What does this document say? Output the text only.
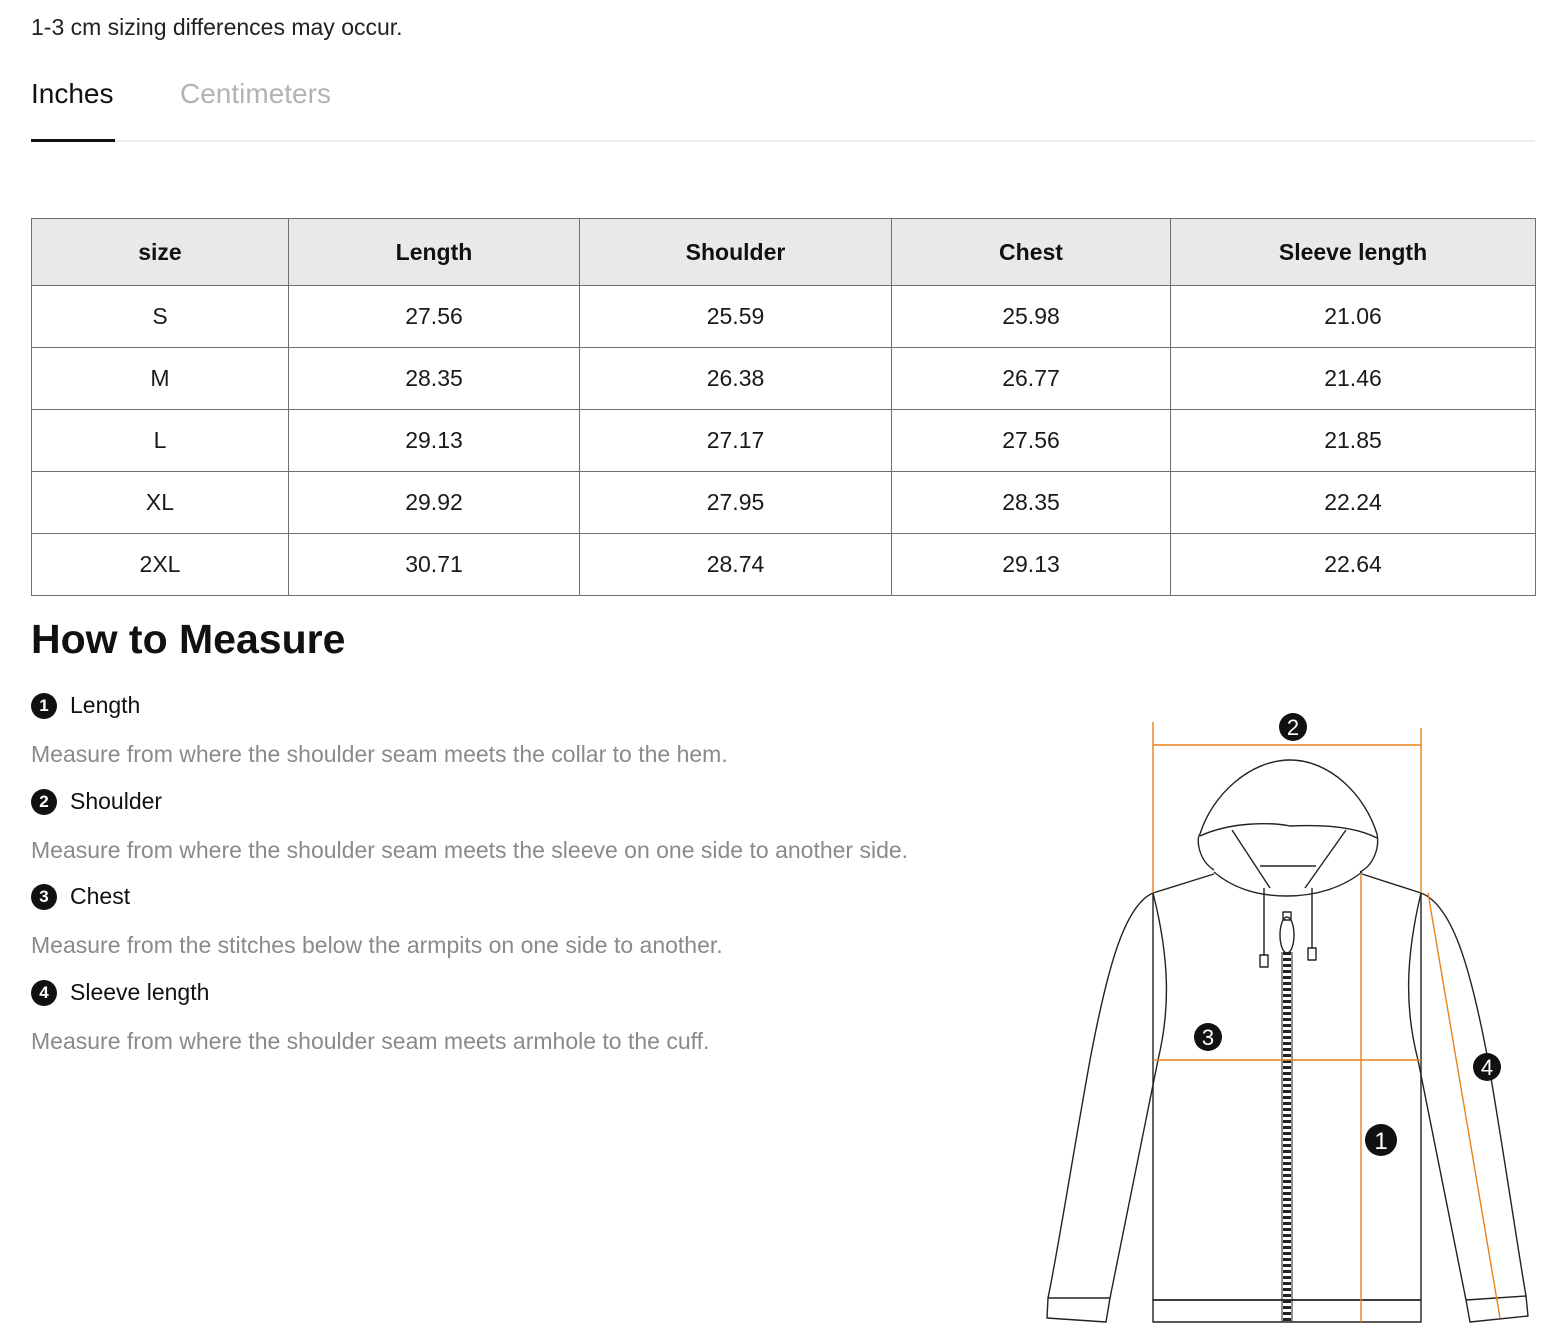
1-3 cm sizing differences may occur.
Inches Centimeters
size	Length	Shoulder	Chest	Sleeve length
S	27.56	25.59	25.98	21.06
M	28.35	26.38	26.77	21.46
L	29.13	27.17	27.56	21.85
XL	29.92	27.95	28.35	22.24
2XL	30.71	28.74	29.13	22.64
How to Measure
1 Length
Measure from where the shoulder seam meets the collar to the hem.
2 Shoulder
Measure from where the shoulder seam meets the sleeve on one side to another side.
3 Chest
Measure from the stitches below the armpits on one side to another.
4 Sleeve length
Measure from where the shoulder seam meets armhole to the cuff.
2
3
1
4
